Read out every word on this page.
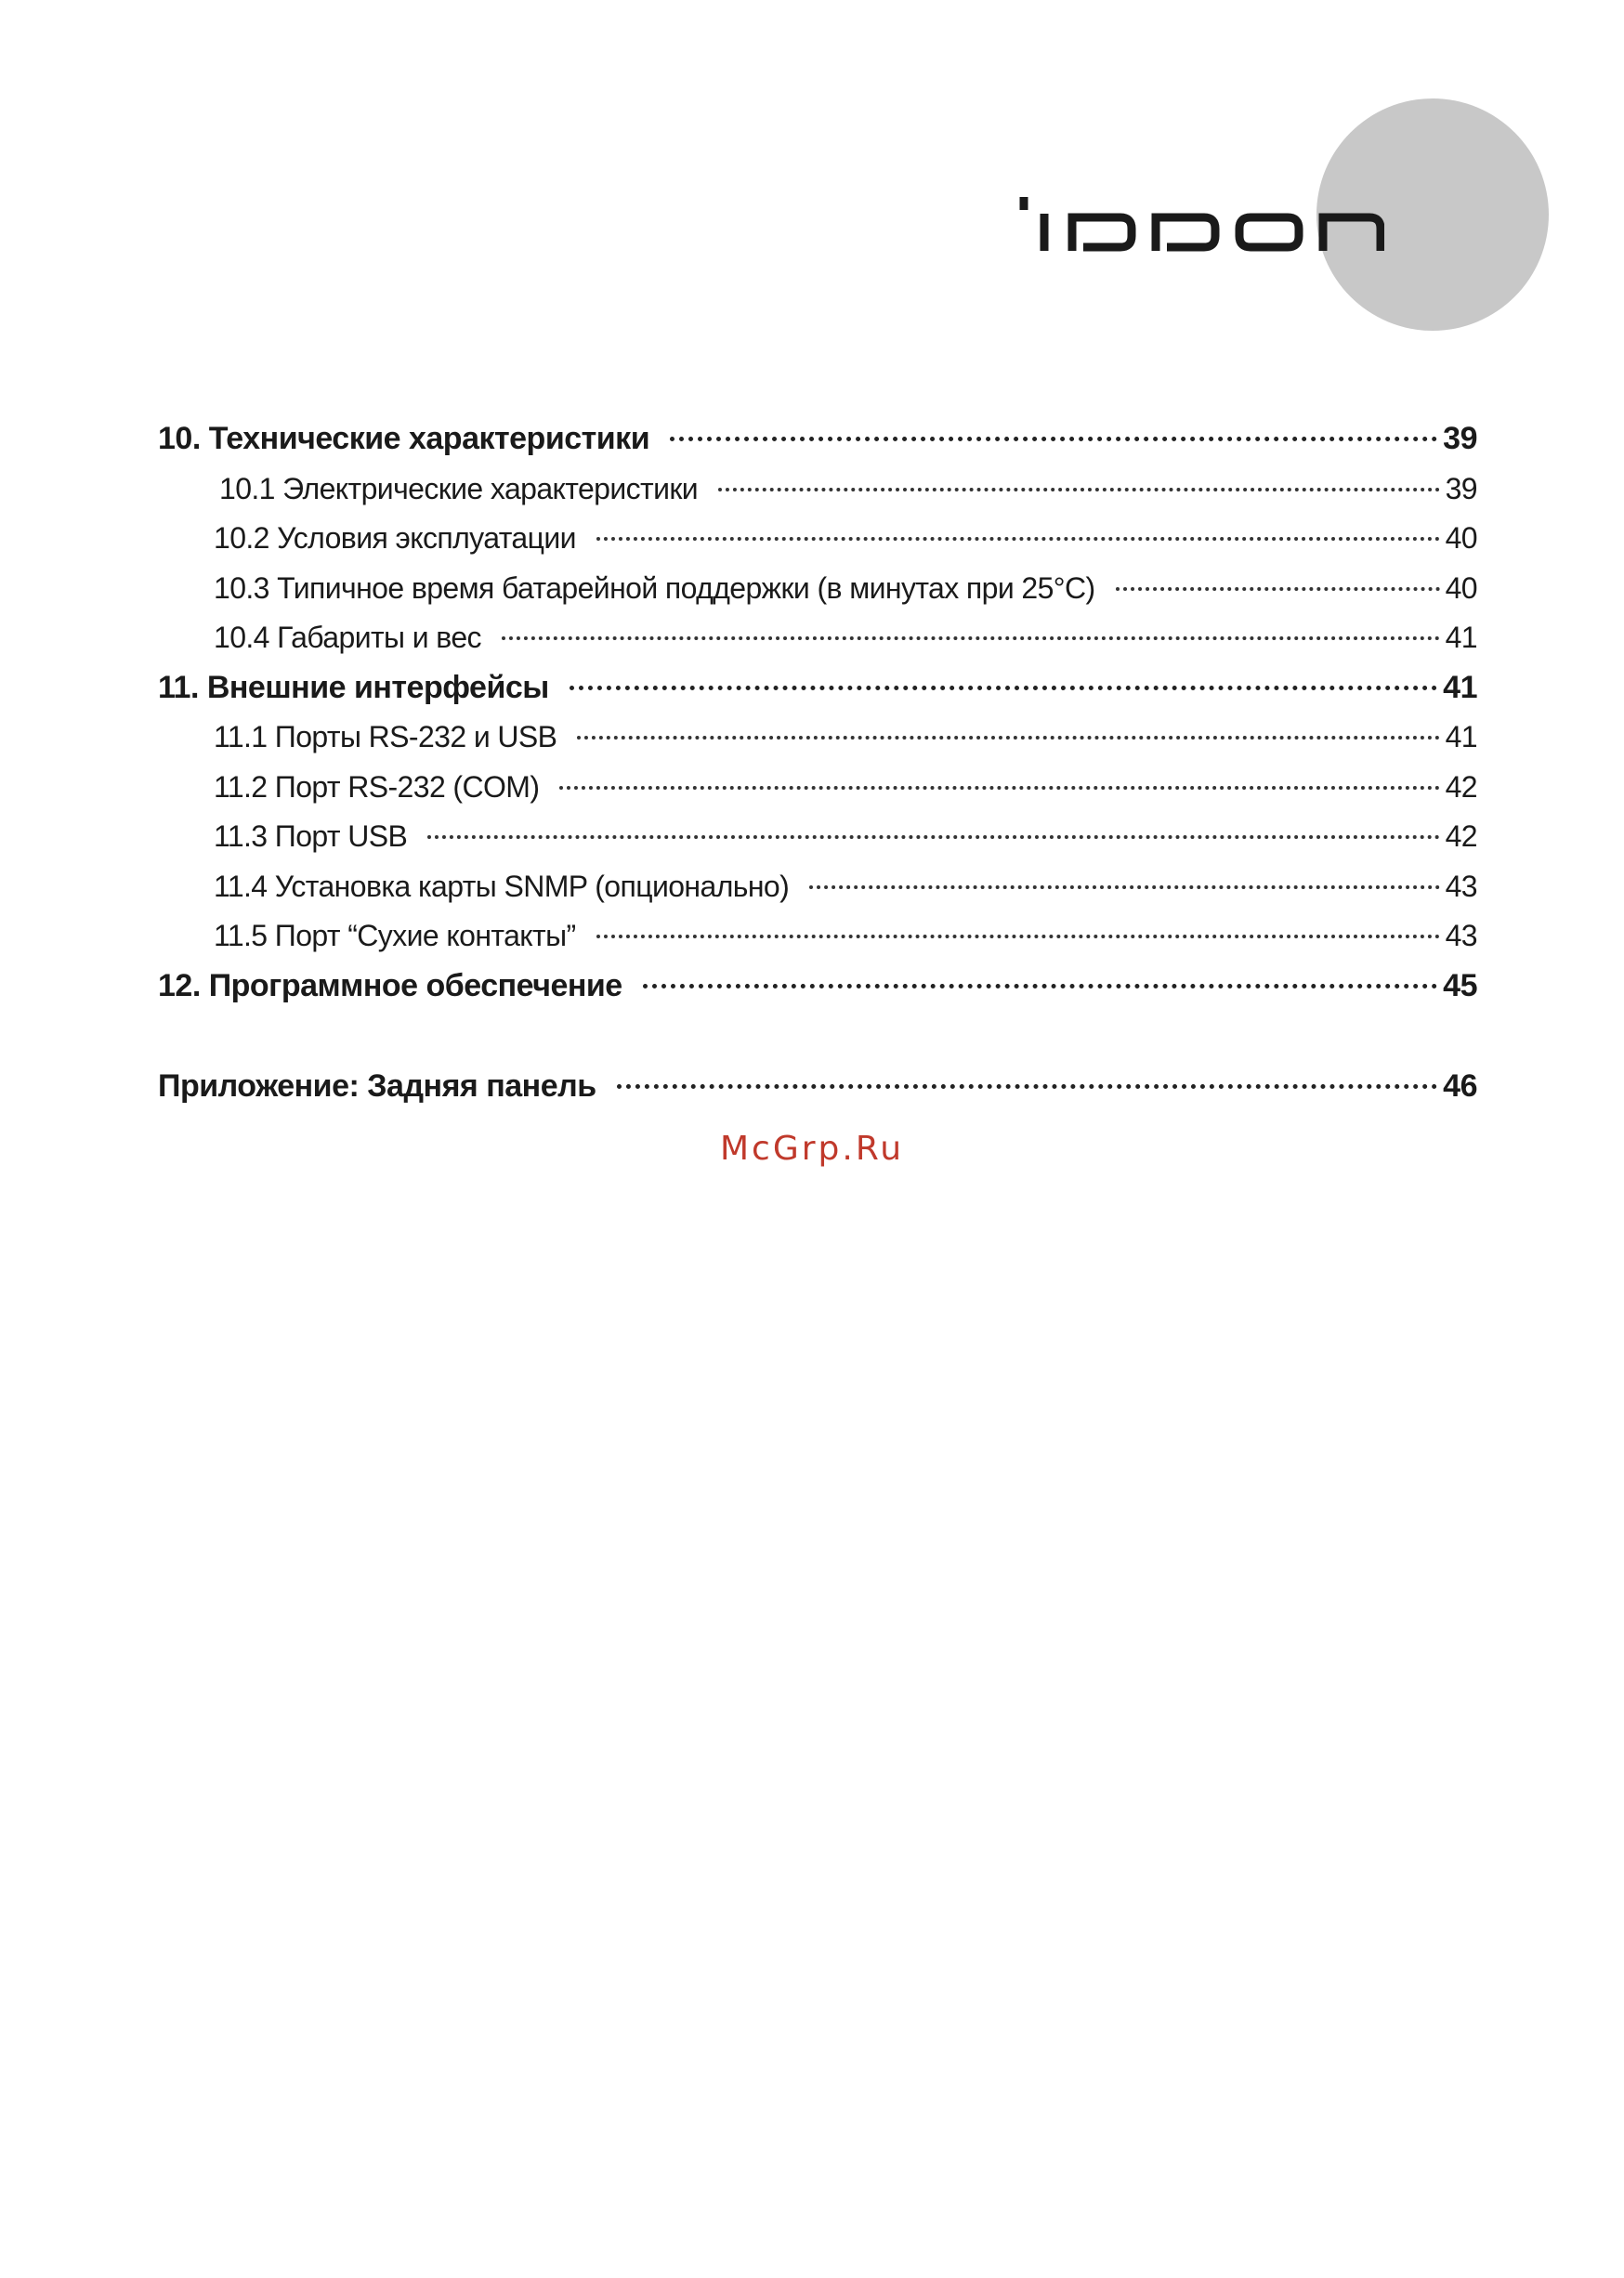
10. Технические характеристики	39
10.1 Электрические характеристики	39
10.2 Условия эксплуатации	40
10.3 Типичное время батарейной поддержки (в минутах при 25°C)	40
10.4 Габариты и вес	41
11. Внешние интерфейсы	41
11.1 Порты RS-232 и USB	41
11.2 Порт RS-232 (COM)	42
11.3 Порт USB	42
11.4 Установка карты SNMP (опционально)	43
11.5 Порт “Сухие контакты”	43
12. Программное обеспечение	45
Приложение: Задняя панель	46
McGrp.Ru
